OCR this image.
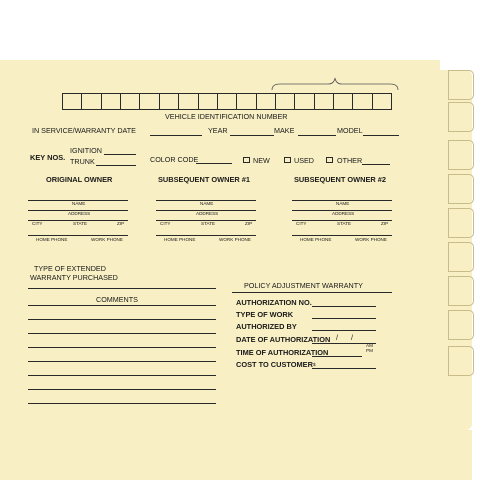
VEHICLE IDENTIFICATION NUMBER
IN SERVICE/WARRANTY DATE	YEAR	MAKE	MODEL
KEY NOS.
IGNITION
TRUNK	COLOR CODE	NEW	USED	OTHER
ORIGINAL OWNER
NAME
ADDRESS
CITY	STATE	ZIP
HOME PHONE	WORK PHONE
SUBSEQUENT OWNER #1
NAME
ADDRESS
CITY	STATE	ZIP
HOME PHONE	WORK PHONE
SUBSEQUENT OWNER #2
NAME
ADDRESS
CITY	STATE	ZIP
HOME PHONE	WORK PHONE
TYPE OF EXTENDED
WARRANTY PURCHASED
COMMENTS
POLICY ADJUSTMENT WARRANTY
AUTHORIZATION NO.
TYPE OF WORK
AUTHORIZED BY
DATE OF AUTHORIZATION / /
TIME OF AUTHORIZATION
AM
PM
COST TO CUSTOMER $
